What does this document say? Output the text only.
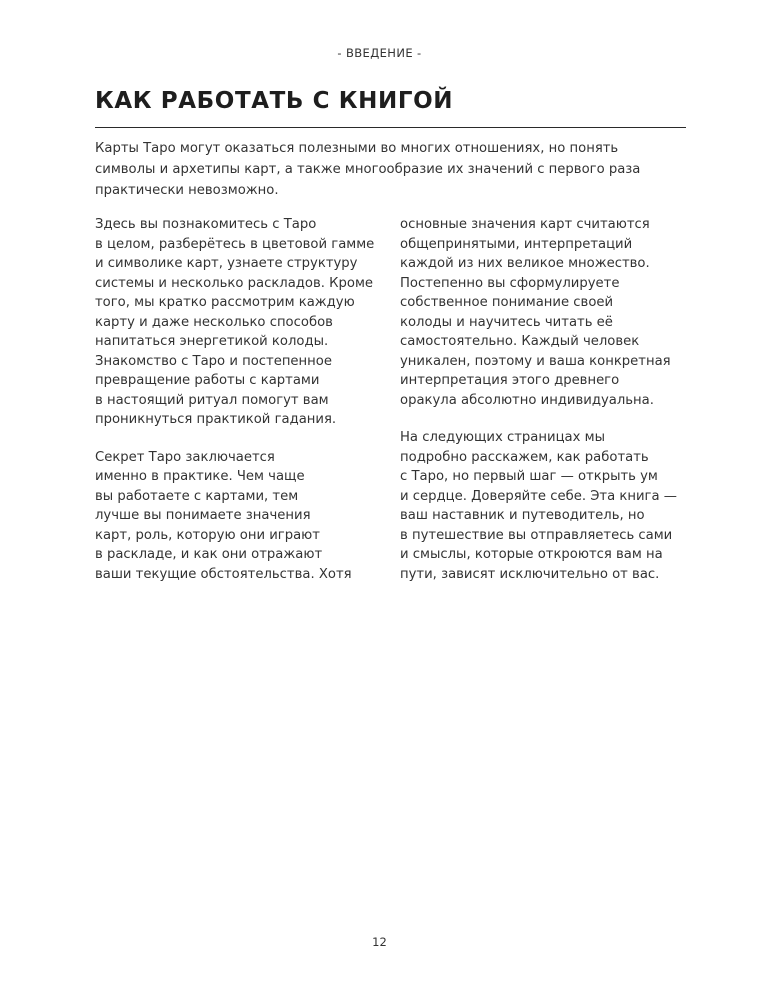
- ВВЕДЕНИЕ -
КАК РАБОТАТЬ С КНИГОЙ

Карты Таро могут оказаться полезными во многих отношениях, но понять
символы и архетипы карт, а также многообразие их значений с первого раза
практически невозможно.

Здесь вы познакомитесь с Таро
в целом, разберётесь в цветовой гамме
и символике карт, узнаете структуру
системы и несколько раскладов. Кроме
того, мы кратко рассмотрим каждую
карту и даже несколько способов
напитаться энергетикой колоды.
Знакомство с Таро и постепенное
превращение работы с картами
в настоящий ритуал помогут вам
проникнуться практикой гадания.

Секрет Таро заключается
именно в практике. Чем чаще
вы работаете с картами, тем
лучше вы понимаете значения
карт, роль, которую они играют
в раскладе, и как они отражают
ваши текущие обстоятельства. Хотя

основные значения карт считаются
общепринятыми, интерпретаций
каждой из них великое множество.
Постепенно вы сформулируете
собственное понимание своей
колоды и научитесь читать её
самостоятельно. Каждый человек
уникален, поэтому и ваша конкретная
интерпретация этого древнего
оракула абсолютно индивидуальна.

На следующих страницах мы
подробно расскажем, как работать
с Таро, но первый шаг — открыть ум
и сердце. Доверяйте себе. Эта книга —
ваш наставник и путеводитель, но
в путешествие вы отправляетесь сами
и смыслы, которые откроются вам на
пути, зависят исключительно от вас.

12
